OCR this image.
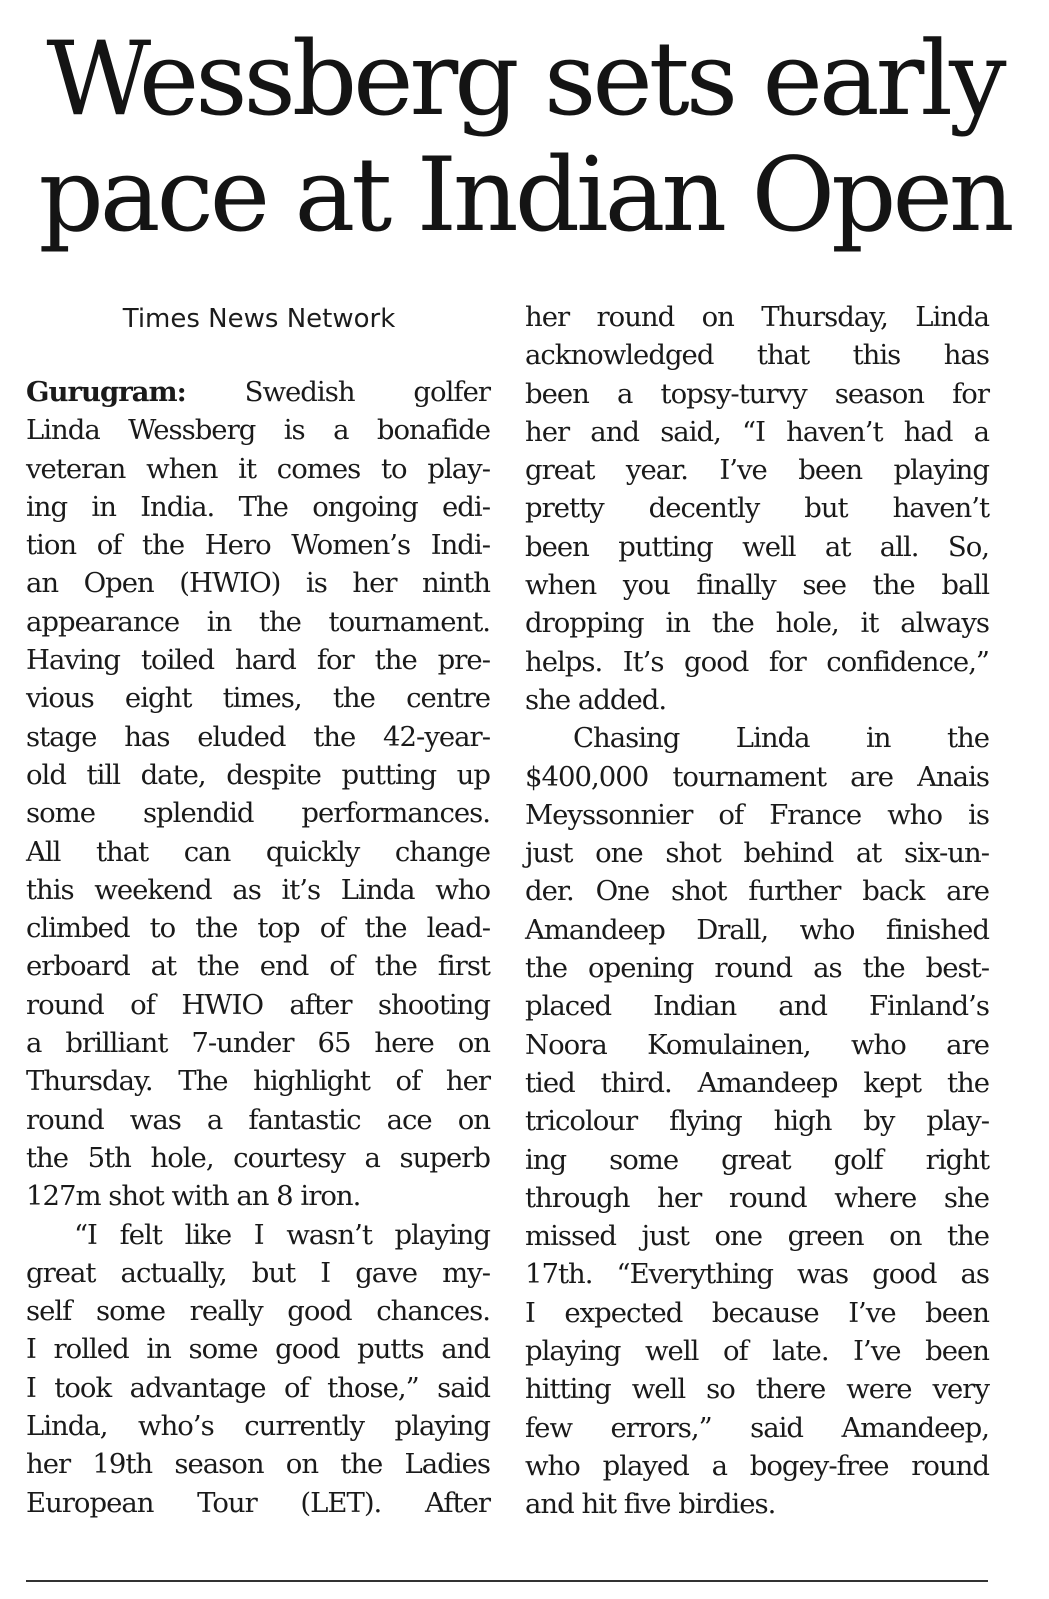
Wessberg sets early
pace at Indian Open
Times News Network
Gurugram: Swedish golfer
Linda Wessberg is a bonafide
veteran when it comes to play-
ing in India. The ongoing edi-
tion of the Hero Women’s Indi-
an Open (HWIO) is her ninth
appearance in the tournament.
Having toiled hard for the pre-
vious eight times, the centre
stage has eluded the 42-year-
old till date, despite putting up
some splendid performances.
All that can quickly change
this weekend as it’s Linda who
climbed to the top of the lead-
erboard at the end of the first
round of HWIO after shooting
a brilliant 7-under 65 here on
Thursday. The highlight of her
round was a fantastic ace on
the 5th hole, courtesy a superb
127m shot with an 8 iron.
“I felt like I wasn’t playing
great actually, but I gave my-
self some really good chances.
I rolled in some good putts and
I took advantage of those,” said
Linda, who’s currently playing
her 19th season on the Ladies
European Tour (LET). After
her round on Thursday, Linda
acknowledged that this has
been a topsy-turvy season for
her and said, “I haven’t had a
great year. I’ve been playing
pretty decently but haven’t
been putting well at all. So,
when you finally see the ball
dropping in the hole, it always
helps. It’s good for confidence,”
she added.
Chasing Linda in the
$400,000 tournament are Anais
Meyssonnier of France who is
just one shot behind at six-un-
der. One shot further back are
Amandeep Drall, who finished
the opening round as the best-
placed Indian and Finland’s
Noora Komulainen, who are
tied third. Amandeep kept the
tricolour flying high by play-
ing some great golf right
through her round where she
missed just one green on the
17th. “Everything was good as
I expected because I’ve been
playing well of late. I’ve been
hitting well so there were very
few errors,” said Amandeep,
who played a bogey-free round
and hit five birdies.
